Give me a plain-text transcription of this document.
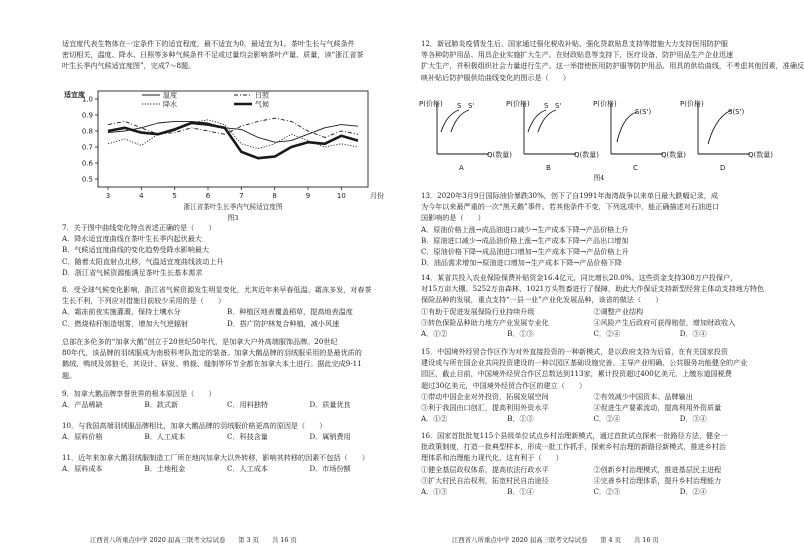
适宜度代表生物体在一定条件下的适宜程度，最不适宜为0，最适宜为1。茶叶生长与气候条件

密切相关，温度、降水、日照等多种气候条件不足或过量均会影响茶叶产量、质量，读“浙江省茶

叶生长季内气候适宜度图”，完成7～8题。

适宜度
1.0
0.9
0.8
0.7
0.6
0.5
3	4	5	6	7	8	9	10	月份
温度
降水
日照
气候
浙江省茶叶生长季内气候适宜度图
图3

7．关于图中曲线变化特点表述正确的是（　　）

A．降水适宜度曲线在茶叶生长季内起伏最大

B．气候适宜度曲线的变化趋势受降水影响最大

C．随着太阳直射点北移，气温适宜度曲线波动上升

D．浙江省气候资源能满足茶叶生长基本需求

8．受全球气候变化影响，浙江省气候资源发生明显变化，尤其近年来早春低温、霜冻多发，对春茶

生长不利，下列应对措施目前较少采用的是（　　）

A．霜冻前夜实施灌溉，保持土壤水分	B．种植区地表覆盖稻草，提高地表温度
C．燃烧秸秆制造烟雾，增加大气逆辐射	D．搭广防护林复合种植，减小风速

总部在多伦多的“加拿大鹅”创立于20世纪50年代，是加拿大户外高端服饰品牌。20世纪

80年代，该品牌的羽绒服成为南极科考队指定的装备。加拿大鹅品牌的羽绒服采用的是最优质的

鹅绒、鸭绒及郊狼毛，其设计、研发、剪裁、缝制等环节全都在加拿大本土进行。据此完成9-11

题。

9．加拿大鹅品牌享誉世界的根本原因是（　　）

A．产品稀缺	B．款式新	C．用料独特	D．质量优良

10．与我国高端羽绒服品牌相比，加拿大鹅品牌的羽绒服价格更高的原因是（　　）

A．原料价格	B．人工成本	C．科技含量	D．属销费用

11．近年来加拿大鹅羽绒服制造工厂所在地向加拿大以外转移，影响其转移的因素不包括（　　）

A．原料成本	B．土地租金	C．人工成本	D．市场份额
江西省八所重点中学 2020 届高三联考文综试卷　　第 3 页　　共 16 页

12．新冠肺炎疫情发生后，国家通过强化税收补贴、强化贷款贴息支持等措施大力支持医用防护服

等各种防护用品、用具企业实施扩大生产。在财政贴息等支持下，医疗设备，防护用品生产企业迅速

扩大生产，并积极组织社会力量进行生产。这一举措使医用防护服等防护用品、用具的供给曲线，不考虑其他因素，准确反

映补贴后防护服供给曲线变化的图示是（　　）

P(价格)
Q(数量)
A
S S'	P(价格)
Q(数量)
B
S S'	P(价格)
Q(数量)
C
S(S')
P(价格)
Q(数量)
D
S(S')
图4

13．2020年3月9日国际油价暴跌30%，创下了自1991年海湾战争以来单日最大跌幅记录，成

为今年以来最严重的一次“黑天鹅”事件。若其他条件不变，下列选项中，能正确描述对石油进口

国影响的是（　　）

A．原油价格上涨→成品油进口减少→生产成本下降→产品价格上升

B．原油进口减少→成品油价格上涨→生产成本下降→产品出口增加

C．原油价格下降→成品油进口增加→生产成本下降→产品价格上升

D．油品需求增加→原油进口增加→生产成本下降→产品价格下降

14．某省共投入农业保险保费补贴资金16.4亿元，同比增长20.0%。这些资金支持308万户投保户，

对15万亩大棚、5252万亩森林、1021万头牲畜进行了保障，助此大作保证支持新型经营主体动支持地方特色

保险品种的发展，重点支持“一县一业”产业化发展品种，该省的做法（　　）

①有助于促进发展保险行业持续升级	②调整产业结构
③转色保险品种助力地方产业发展专业化	④风险产生后政府可获得赔偿，增加财政收入
A．①②	B．①③	C．②④	D．③④

15．中国境外经贸合作区作为对外直接投资的一种新模式，是以政府支持为后盾，在有关国家投资

建设或与所在国企业共同投资建设的一种以园区基础设施完善、主导产业明确、公共服务功能健全的产业

园区，截止目前，中国境外经贸合作区总数达到113家，累计投资超过400亿美元，上缴东道国税费

超过30亿美元，中国境外经贸合作区的建立（　　）

①带动中国企业对外投资，拓展发展空间	②有效减少中国资本、品牌输出
③利于我国由口创汇，提高利用外资水平	④促进生产要素流动，提高利用外资质量
A．①②	B．①③	C．②④	D．③④

16．国家首批批复115个县级单位试点乡村治理新模式，通过首批试点探索一批路径方法，健全一

批政策制度，打造一批典型样本，形成一批工作抓手，探索乡村治理的新路径新模式，推进乡村治

理体系和治理能力现代化，这有利于（　　）

①健全基层政权体系，提高依法行政水平	②创新乡村治理模式，推进基层民主进程
③扩大村民自治权利，拓宽村民自治途径	④完善乡村治理体系，提升乡村治理能力
A．①③	B．①④	C．②③	D．②④
江西省八所重点中学 2020 届高三联考文综试卷　　第 4 页　　共 16 页
